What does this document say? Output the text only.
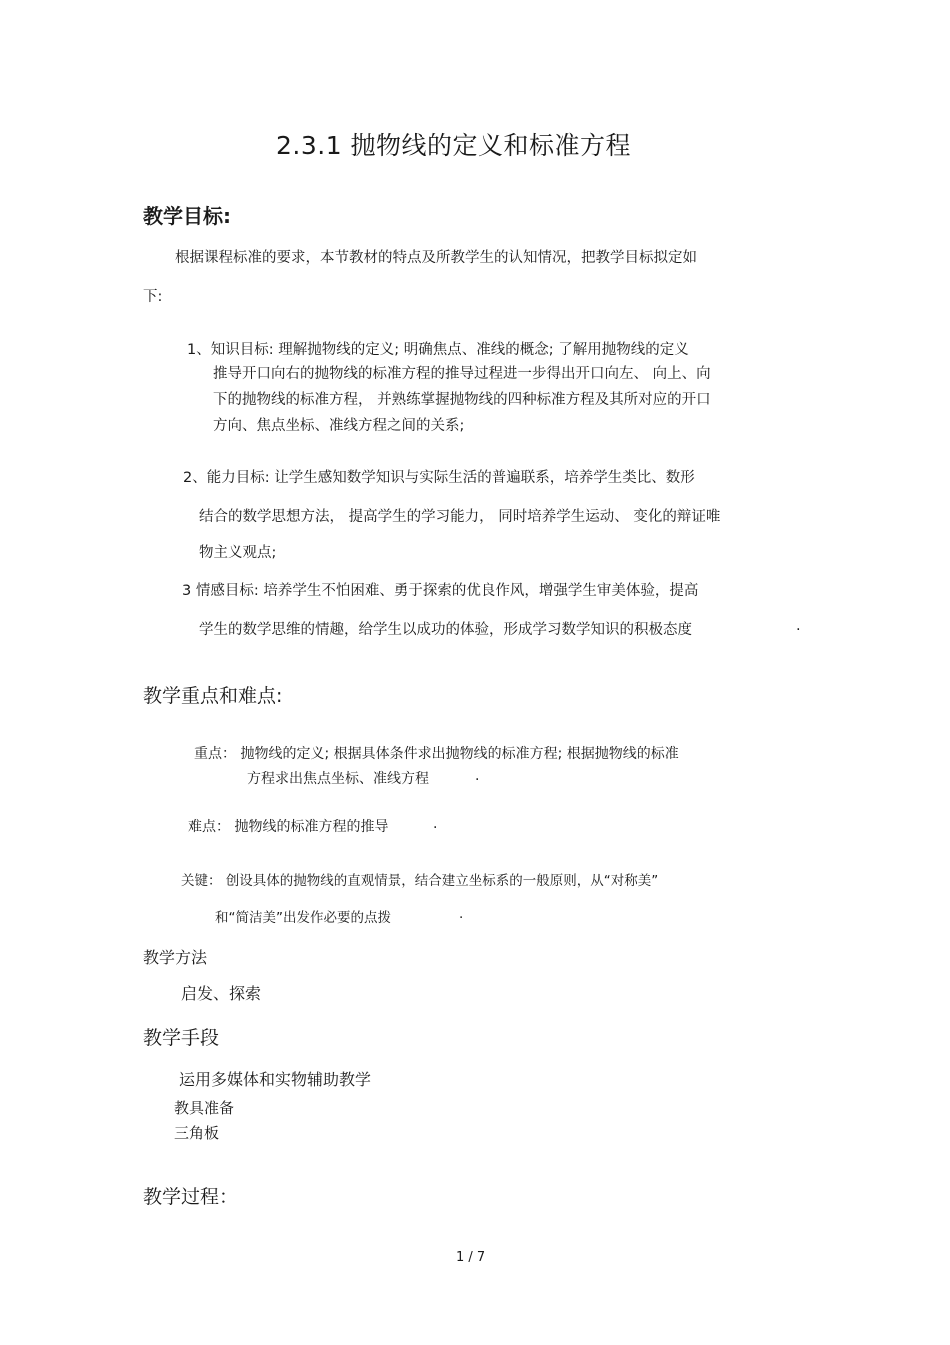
2.3.1 抛物线的定义和标准方程
教学目标:
根据课程标准的要求，本节教材的特点及所教学生的认知情况，把教学目标拟定如
下:
1、知识目标: 理解抛物线的定义; 明确焦点、准线的概念; 了解用抛物线的定义
推导开口向右的抛物线的标准方程的推导过程进一步得出开口向左、 向上、向
下的抛物线的标准方程， 并熟练掌握抛物线的四种标准方程及其所对应的开口
方向、焦点坐标、准线方程之间的关系;
2、能力目标: 让学生感知数学知识与实际生活的普遍联系，培养学生类比、数形
结合的数学思想方法， 提高学生的学习能力， 同时培养学生运动、 变化的辩证唯
物主义观点;
3 情感目标: 培养学生不怕困难、勇于探索的优良作风，增强学生审美体验，提高
学生的数学思维的情趣，给学生以成功的体验，形成学习数学知识的积极态度	.
教学重点和难点:
重点： 抛物线的定义; 根据具体条件求出抛物线的标准方程; 根据抛物线的标准
方程求出焦点坐标、准线方程	.
难点： 抛物线的标准方程的推导	.
关键： 创设具体的抛物线的直观情景，结合建立坐标系的一般原则，从“对称美”
和“简洁美”出发作必要的点拨	.
教学方法
启发、探索
教学手段
运用多媒体和实物辅助教学
教具准备
三角板
教学过程：
1 / 7
